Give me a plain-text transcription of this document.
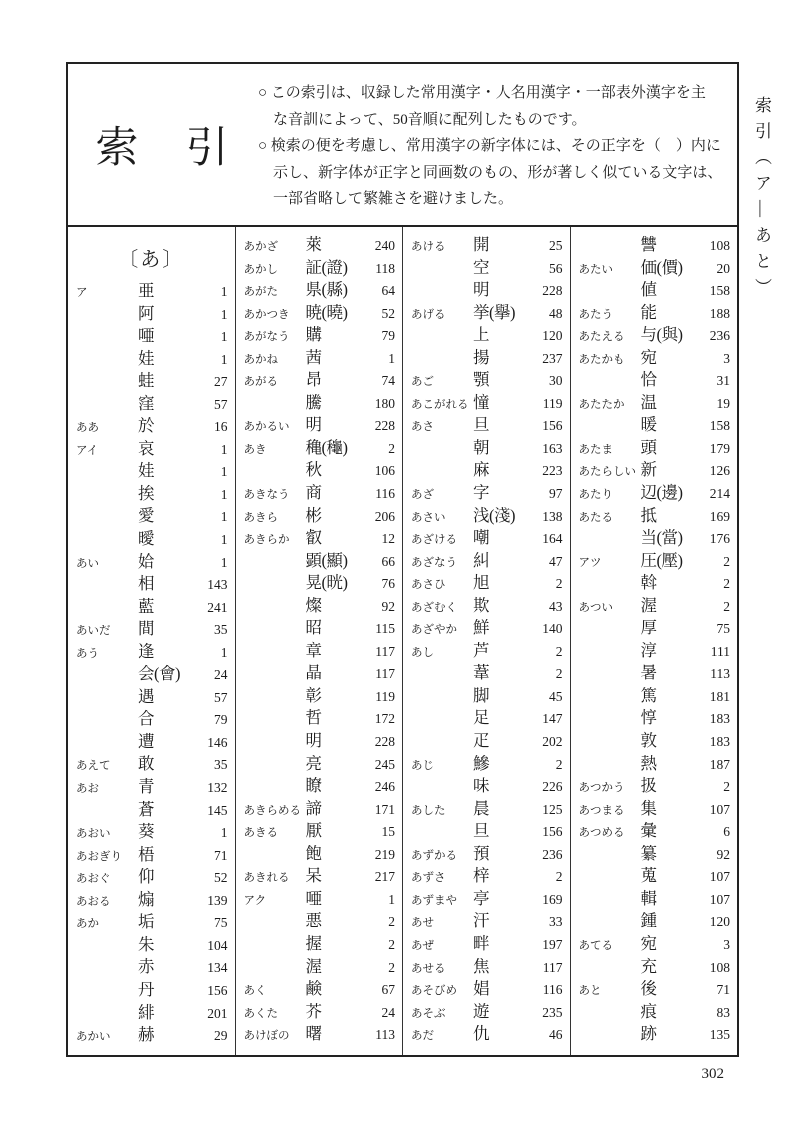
索　引
○ この索引は、収録した常用漢字・人名用漢字・一部表外漢字を主
な音訓によって、50音順に配列したものです。
○ 検索の便を考慮し、常用漢字の新字体には、その正字を（　）内に
示し、新字体が正字と同画数のもの、形が著しく似ている文字は、
一部省略して繁雑さを避けました。
〔あ〕
ア	亜	1
阿	1
唖	1
娃	1
蛙	27
窪	57
ああ	於	16
アイ	哀	1
娃	1
挨	1
愛	1
曖	1
あい	姶	1
相	143
藍	241
あいだ	間	35
あう	逢	1
会(會)	24
遇	57
合	79
遭	146
あえて	敢	35
あお	青	132
蒼	145
あおい	葵	1
あおぎり 梧	71
あおぐ	仰	52
あおる	煽	139
あか	垢	75
朱	104
赤	134
丹	156
緋	201
あかい	赫	29
あかざ	萊	240
あかし	証(證)	118
あがた	県(縣)	64
あかつき 暁(曉)	52
あがなう 購	79
あかね	茜	1
あがる	昂	74
騰	180
あかるい 明	228
あき	穐(龝)	2
秋	106
あきなう 商	116
あきら	彬	206
あきらか 叡	12
顕(顯)	66
晃(晄)	76
燦	92
昭	115
章	117
晶	117
彰	119
哲	172
明	228
亮	245
瞭	246
あきらめる 諦	171
あきる	厭	15
飽	219
あきれる 呆	217
アク	唖	1
悪	2
握	2
渥	2
あく	鹸	67
あくた	芥	24
あけぼの 曙	113
あける	開	25
空	56
明	228
あげる	挙(擧)	48
上	120
揚	237
あご	顎	30
あこがれる 憧	119
あさ	旦	156
朝	163
麻	223
あざ	字	97
あさい	浅(淺)	138
あざける 嘲	164
あざなう 糾	47
あさひ	旭	2
あざむく 欺	43
あざやか 鮮	140
あし	芦	2
葦	2
脚	45
足	147
疋	202
あじ	鰺	2
味	226
あした	晨	125
旦	156
あずかる 預	236
あずさ	梓	2
あずまや 亭	169
あせ	汗	33
あぜ	畔	197
あせる	焦	117
あそびめ 娼	116
あそぶ	遊	235
あだ	仇	46
讐	108
あたい	価(價)	20
値	158
あたう	能	188
あたえる 与(與)	236
あたかも 宛	3
恰	31
あたたか 温	19
暖	158
あたま	頭	179
あたらしい 新	126
あたり	辺(邊)	214
あたる	抵	169
当(當)	176
アツ	圧(壓)	2
斡	2
あつい	渥	2
厚	75
淳	111
暑	113
篤	181
惇	183
敦	183
熱	187
あつかう 扱	2
あつまる 集	107
あつめる 彙	6
纂	92
蒐	107
輯	107
鍾	120
あてる	宛	3
充	108
あと	後	71
痕	83
跡	135
索引（ア―あと）
302
